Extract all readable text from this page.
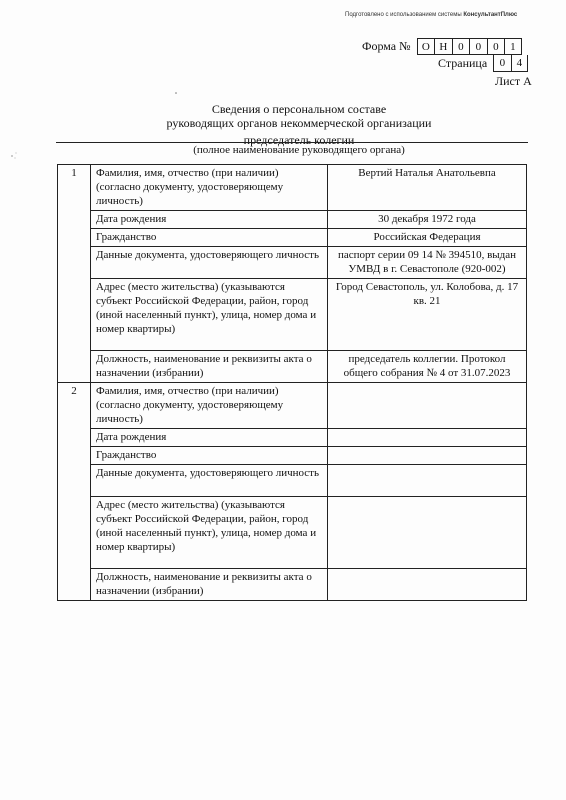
Подготовлено с использованием системы КонсультантПлюс
Форма №	О Н 0	0	0	1
Страница	0	4
Лист А
Сведения о персональном составе
руководящих органов некоммерческой организации
председатель колегии
(полное наименование руководящего органа)
1	Фамилия, имя, отчество (при наличии) (согласно документу, удостоверяющему личность)	Вертий Наталья Анатольевпа
	Дата рождения	30 декабря 1972 года
	Гражданство	Российская Федерация
	Данные документа, удостоверяющего личность	паспорт серии 09 14 № 394510, выдан УМВД в г. Севастополе (920-002)
	Адрес (место жительства) (указываются субъект Российской Федерации, район, город (иной населенный пункт), улица, номер дома и номер квартиры)	Город Севастополь, ул. Колобова, д. 17 кв. 21
	Должность, наименование и реквизиты акта о назначении (избрании)	председатель коллегии. Протокол общего собрания № 4 от 31.07.2023
2	Фамилия, имя, отчество (при наличии) (согласно документу, удостоверяющему личность)	
	Дата рождения	
	Гражданство	
	Данные документа, удостоверяющего личность	
	Адрес (место жительства) (указываются субъект Российской Федерации, район, город (иной населенный пункт), улица, номер дома и номер квартиры)	
	Должность, наименование и реквизиты акта о назначении (избрании)	
